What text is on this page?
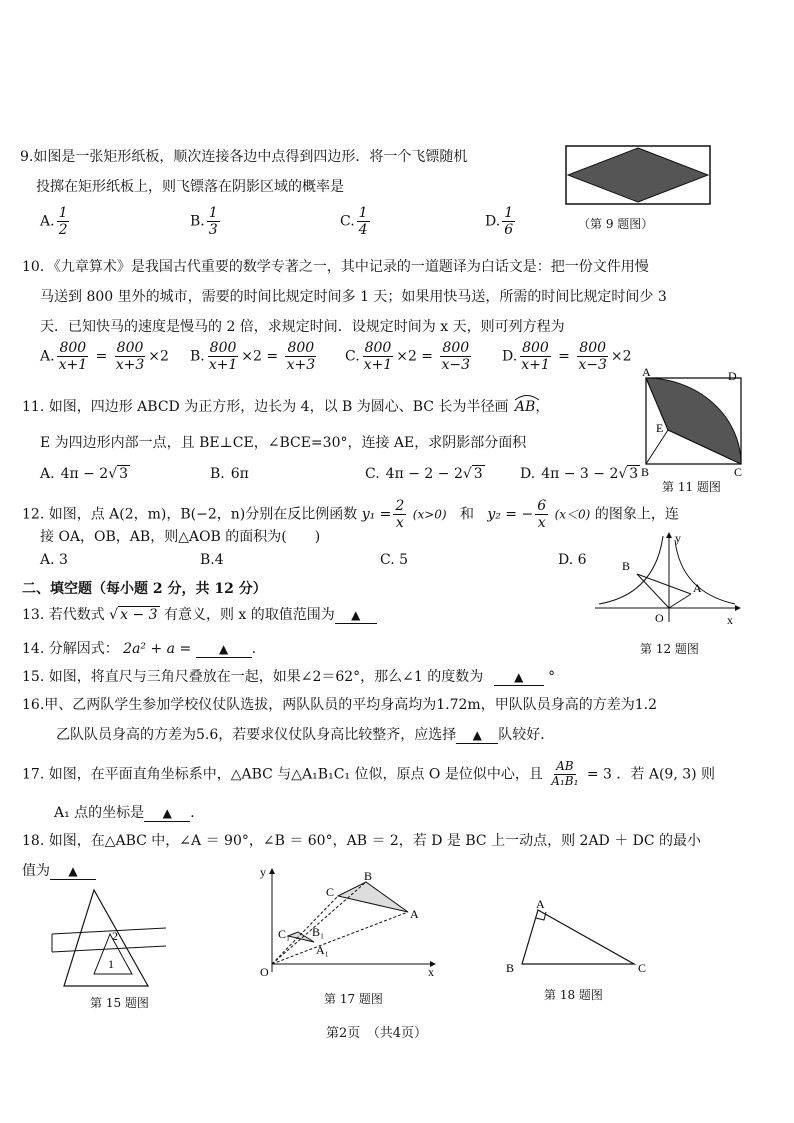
9.如图是一张矩形纸板，顺次连接各边中点得到四边形．将一个飞镖随机
投掷在矩形纸板上，则飞镖落在阴影区域的概率是
A. $\frac{1}{2}$	B. $\frac{1}{3}$	C. $\frac{1}{4}$	D. $\frac{1}{6}$	（第 9 题图）
10．《九章算术》是我国古代重要的数学专著之一，其中记录的一道题译为白话文是：把一份文件用慢
马送到 800 里外的城市，需要的时间比规定时间多 1 天；如果用快马送，所需的时间比规定时间少 3
天．已知快马的速度是慢马的 2 倍，求规定时间．设规定时间为 x 天，则可列方程为
A. $\frac{800}{x+1} = \frac{800}{x+3} \times 2$ B. $\frac{800}{x+1} \times 2 = \frac{800}{x+3} C$. $\frac{800}{x+1} \times 2 = \frac{800}{x-3} D$. $\frac{800}{x+1} = \frac{800}{x-3} \times 2$
11. 如图，四边形 ABCD 为正方形，边长为 4，以 B 为圆心、BC 长为半径画 AB，
E 为四边形内部一点，且 BE⊥CE，∠BCE=30°，连接 AE，求阴影部分面积
A. 4π − 2√ 3	B. 6π	C. 4π − 2 − 2√ 3	D. 4π − 3 − 2√ 3
A	D
B	C
E
第 11 题图
12. 如图，点 A(2，m)，B(−2，n)分别在反比例函数 $y_1 = \frac{2}{x} (x>0)$ 和 y₂ = − $\frac{6}{x} (x<0)$ 的图象上，连
接 OA，OB，AB，则△AOB 的面积为(　　)
A. 3	B.4	C. 5	D. 6	B
A
O	x
y
第 12 题图
二、填空题（每小题 2 分，共 12 分）
13. 若代数式 √ x − 3 有意义，则 x 的取值范围为▲
14. 分解因式： 2a² + a = ▲	.
15. 如图，将直尺与三角尺叠放在一起，如果∠2＝62°，那么∠1 的度数为 ▲	°
16.甲、乙两队学生参加学校仪仗队选拔，两队队员的平均身高均为1.72m，甲队队员身高的方差为1.2
乙队队员身高的方差为5.6，若要求仪仗队身高比较整齐，应选择 ▲	队较好．
17. 如图，在平面直角坐标系中，△ABC 与△A₁B₁C₁ 位似，原点 O 是位似中心，且 $\frac{AB}{\text{A₁B₁}} = 3$ ．若 A(9, 3) 则
A₁ 点的坐标是 ▲	．
18. 如图，在△ABC 中，∠A ＝ 90°，∠B ＝ 60°，AB ＝ 2，若 D 是 BC 上一动点，则 2AD ＋ DC 的最小
值为▲
2
1
第 15 题图
C
B
A
C₁ B₁
A₁
O	x
y
第 17 题图
A
B	C
第 18 题图
第2页　（共4页）
